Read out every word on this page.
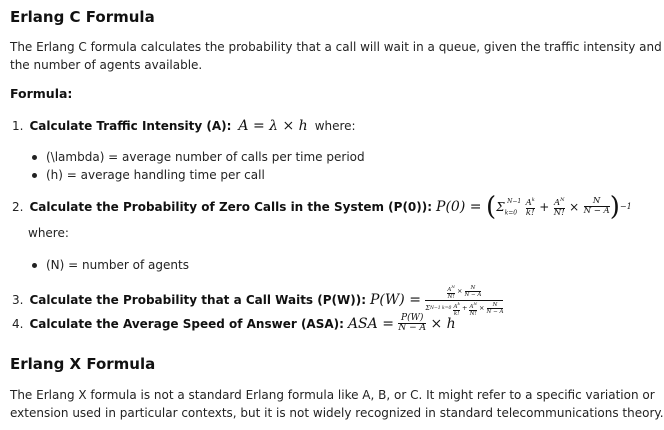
Erlang C Formula
The Erlang C formula calculates the probability that a call will wait in a queue, given the traffic intensity and
the number of agents available.
Formula:
1. Calculate Traffic Intensity (A): A = λ × h where:
(\lambda) = average number of calls per time period
(h) = average handling time per call
2. Calculate the Probability of Zero Calls in the System (P(0)): P(0) = ( $\Sigma_{k=0}^{N-1}$
$\frac{A^k}{k!}$
+
$\frac{A^N}{N!}$
×
$\frac{N}{N - A}$ ) −1
where:
(N) = number of agents
3. Calculate the Probability that a Call Waits (P(W)): $P(W) = \frac{A^N}{N!} \times \frac{N}{N - A}$
Σ N−1 k=0
$\frac{A^k}{k!} + \frac{A^N}{N!} \times \frac{N}{N - A}$
4. Calculate the Average Speed of Answer (ASA): ASA = $\frac{P(W)}{N - A} \times h$
Erlang X Formula
The Erlang X formula is not a standard Erlang formula like A, B, or C. It might refer to a specific variation or
extension used in particular contexts, but it is not widely recognized in standard telecommunications theory.
